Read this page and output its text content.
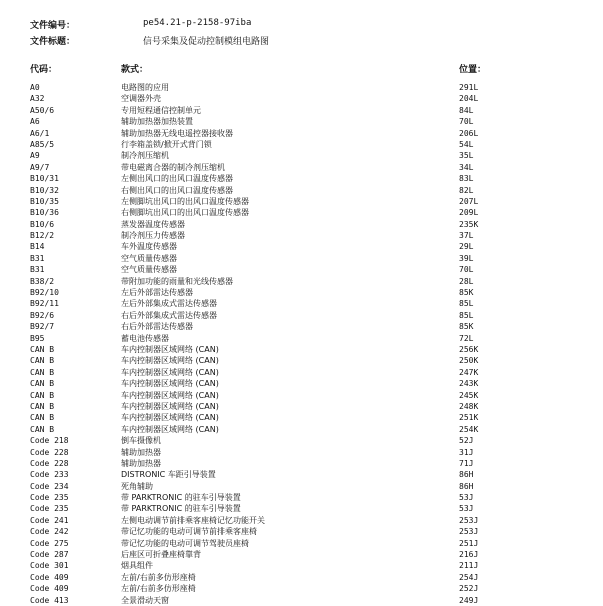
文件编号：	pe54.21-p-2158-97iba
文件标题：	信号采集及促动控制模组电路图
代码：	款式：	位置：
A0	电路图的应用	291L
A32	空调器外壳	204L
A50/6	专用短程通信控制单元	84L
A6	辅助加热器加热装置	70L
A6/1	辅助加热器无线电遥控器接收器	206L
A85/5	行李箱盖锁/掀开式背门锁	54L
A9	制冷剂压缩机	35L
A9/7	带电磁离合器的制冷剂压缩机	34L
B10/31	左侧出风口的出风口温度传感器	83L
B10/32	右侧出风口的出风口温度传感器	82L
B10/35	左侧脚坑出风口的出风口温度传感器	207L
B10/36	右侧脚坑出风口的出风口温度传感器	209L
B10/6	蒸发器温度传感器	235K
B12/2	制冷剂压力传感器	37L
B14	车外温度传感器	29L
B31	空气质量传感器	39L
B31	空气质量传感器	70L
B38/2	带附加功能的雨量和光线传感器	28L
B92/10	左后外部雷达传感器	85K
B92/11	左后外部集成式雷达传感器	85L
B92/6	右后外部集成式雷达传感器	85L
B92/7	右后外部雷达传感器	85K
B95	蓄电池传感器	72L
CAN B	车内控制器区域网络 (CAN)	256K
CAN B	车内控制器区域网络 (CAN)	250K
CAN B	车内控制器区域网络 (CAN)	247K
CAN B	车内控制器区域网络 (CAN)	243K
CAN B	车内控制器区域网络 (CAN)	245K
CAN B	车内控制器区域网络 (CAN)	248K
CAN B	车内控制器区域网络 (CAN)	251K
CAN B	车内控制器区域网络 (CAN)	254K
Code 218	倒车摄像机	52J
Code 228	辅助加热器	31J
Code 228	辅助加热器	71J
Code 233	DISTRONIC 车距引导装置	86H
Code 234	死角辅助	86H
Code 235	带 PARKTRONIC 的驻车引导装置	53J
Code 235	带 PARKTRONIC 的驻车引导装置	53J
Code 241	左侧电动调节前排乘客座椅记忆功能开关	253J
Code 242	带记忆功能的电动可调节前排乘客座椅	253J
Code 275	带记忆功能的电动可调节驾驶员座椅	251J
Code 287	后座区可折叠座椅靠背	216J
Code 301	烟具组件	211J
Code 409	左前/右前多仿形座椅	254J
Code 409	左前/右前多仿形座椅	252J
Code 413	全景滑动天窗	249J
